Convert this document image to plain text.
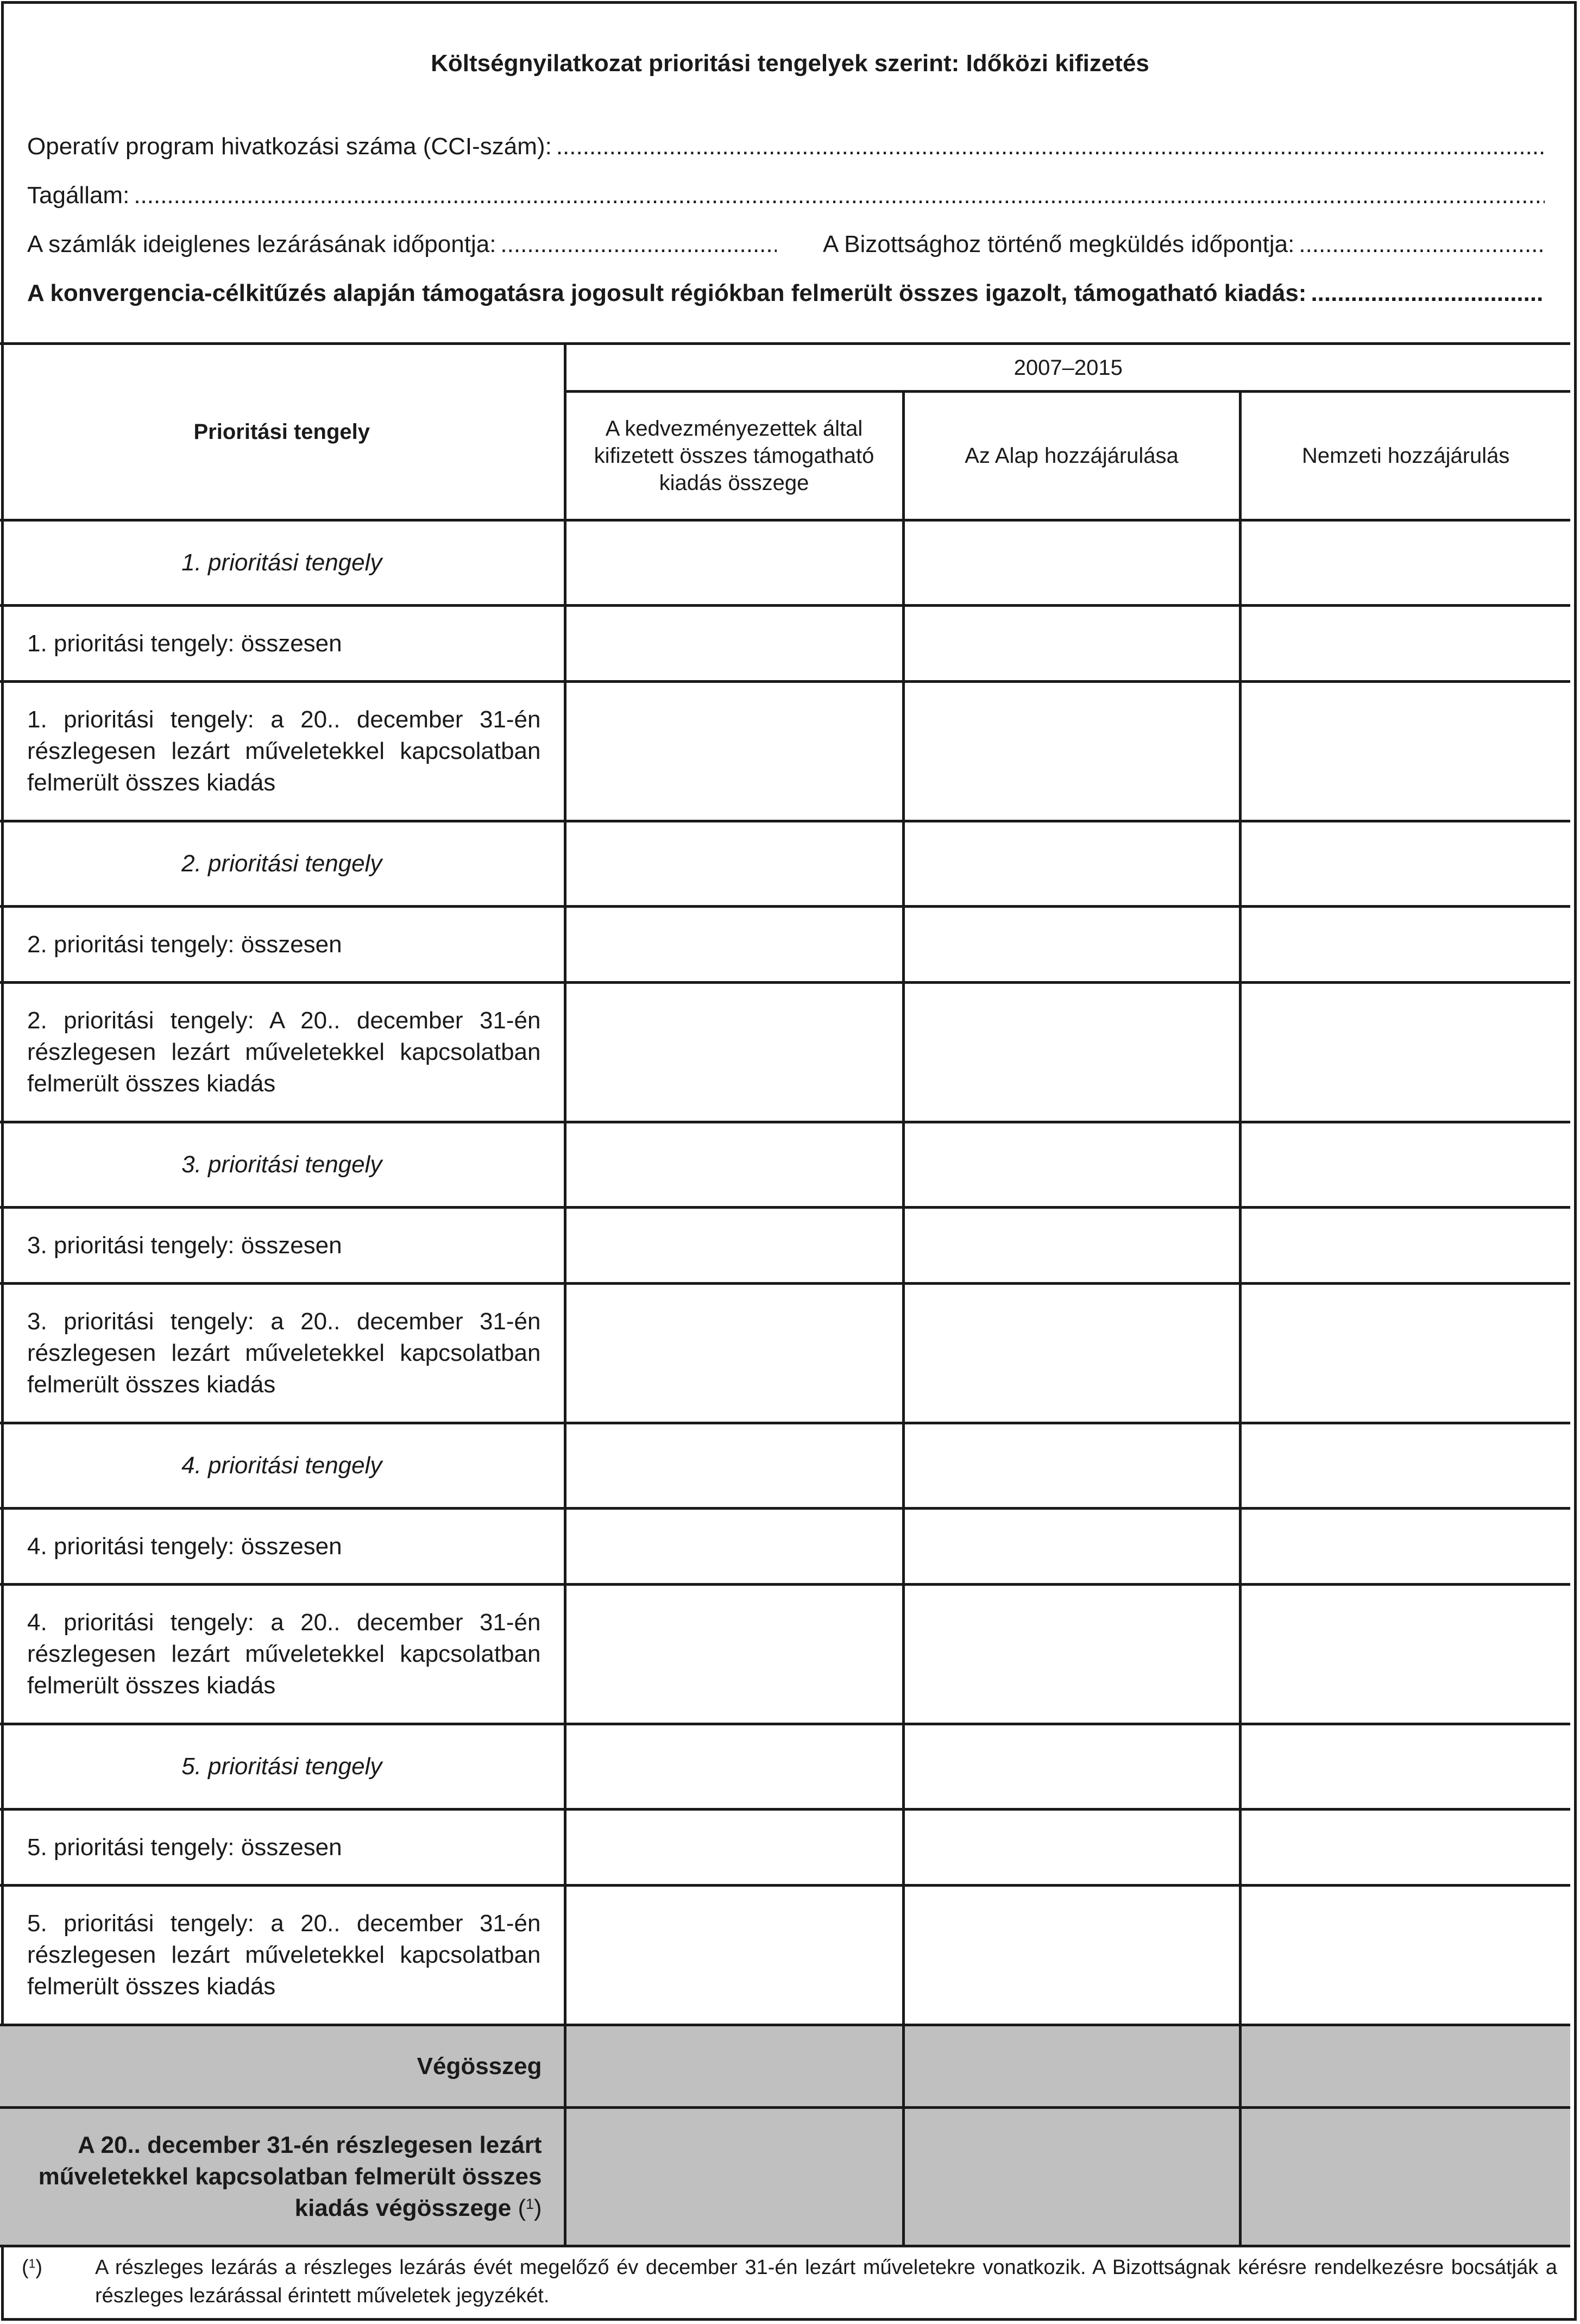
Költségnyilatkozat prioritási tengelyek szerint: Időközi kifizetés
Operatív program hivatkozási száma (CCI-szám):
.....
Tagállam:
.....
A számlák ideiglenes lezárásának időpontja: .....	A Bizottsághoz történő megküldés időpontja:
.....
A konvergencia-célkitűzés alapján támogatásra jogosult régiókban felmerült összes igazolt, támogatható kiadás:
.....
Prioritási tengely	2007–2015		
	A kedvezményezettek által kifizetett összes támogatható kiadás összege	Az Alap hozzájárulása	Nemzeti hozzájárulás
1. prioritási tengely			
1. prioritási tengely: összesen			
1. prioritási tengely: a 20.. december 31-én részlegesen lezárt műveletekkel kapcsolatban felmerült összes kiadás			
2. prioritási tengely			
2. prioritási tengely: összesen			
2. prioritási tengely: A 20.. december 31-én részlegesen lezárt műveletekkel kapcsolatban felmerült összes kiadás			
3. prioritási tengely			
3. prioritási tengely: összesen			
3. prioritási tengely: a 20.. december 31-én részlegesen lezárt műveletekkel kapcsolatban felmerült összes kiadás			
4. prioritási tengely			
4. prioritási tengely: összesen			
4. prioritási tengely: a 20.. december 31-én részlegesen lezárt műveletekkel kapcsolatban felmerült összes kiadás			
5. prioritási tengely			
5. prioritási tengely: összesen			
5. prioritási tengely: a 20.. december 31-én részlegesen lezárt műveletekkel kapcsolatban felmerült összes kiadás			
Végösszeg			
A 20.. december 31-én részlegesen lezárt műveletekkel kapcsolatban felmerült összes kiadás végösszege ($^1$)			
($^1$)	A részleges lezárás a részleges lezárás évét megelőző év december 31-én lezárt műveletekre vonatkozik. A Bizottságnak kérésre rendelkezésre bocsátják a részleges lezárással érintett műveletek jegyzékét.
